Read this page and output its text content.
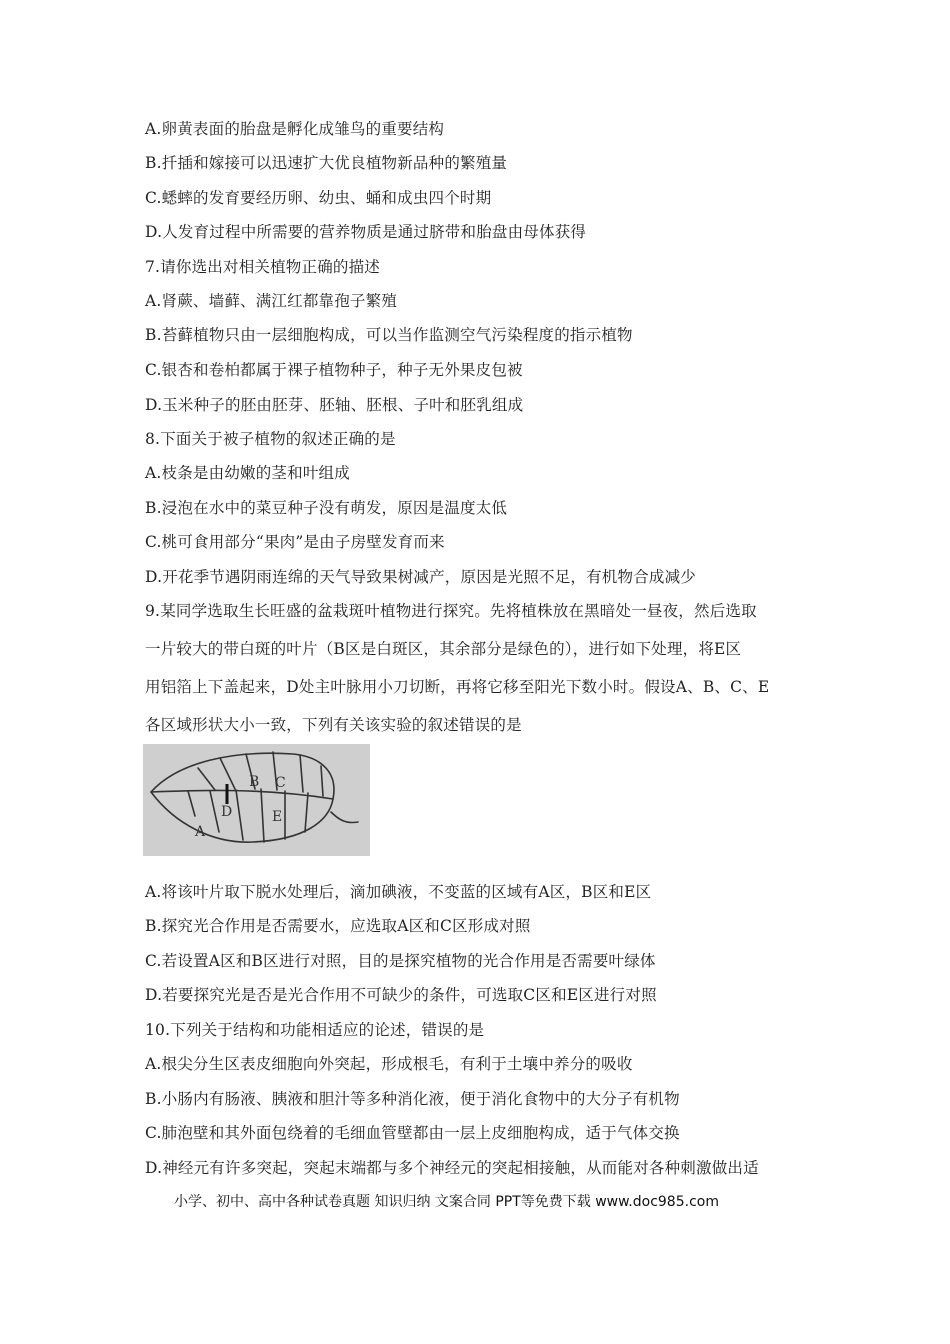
A.卵黄表面的胎盘是孵化成雏鸟的重要结构
B.扦插和嫁接可以迅速扩大优良植物新品种的繁殖量
C.蟋蟀的发育要经历卵、幼虫、蛹和成虫四个时期
D.人发育过程中所需要的营养物质是通过脐带和胎盘由母体获得
7.请你选出对相关植物正确的描述
A.肾蕨、墙藓、满江红都靠孢子繁殖
B.苔藓植物只由一层细胞构成，可以当作监测空气污染程度的指示植物
C.银杏和卷柏都属于裸子植物种子，种子无外果皮包被
D.玉米种子的胚由胚芽、胚轴、胚根、子叶和胚乳组成
8.下面关于被子植物的叙述正确的是
A.枝条是由幼嫩的茎和叶组成
B.浸泡在水中的菜豆种子没有萌发，原因是温度太低
C.桃可食用部分“果肉”是由子房壁发育而来
D.开花季节遇阴雨连绵的天气导致果树减产，原因是光照不足，有机物合成减少
9.某同学选取生长旺盛的盆栽斑叶植物进行探究。先将植株放在黑暗处一昼夜，然后选取
一片较大的带白斑的叶片（B区是白斑区，其余部分是绿色的），进行如下处理，将E区
用铝箔上下盖起来，D处主叶脉用小刀切断，再将它移至阳光下数小时。假设A、B、C、E
各区域形状大小一致，下列有关该实验的叙述错误的是
A
D
B C
E
A.将该叶片取下脱水处理后，滴加碘液，不变蓝的区域有A区，B区和E区
B.探究光合作用是否需要水，应选取A区和C区形成对照
C.若设置A区和B区进行对照，目的是探究植物的光合作用是否需要叶绿体
D.若要探究光是否是光合作用不可缺少的条件，可选取C区和E区进行对照
10.下列关于结构和功能相适应的论述，错误的是
A.根尖分生区表皮细胞向外突起，形成根毛，有利于土壤中养分的吸收
B.小肠内有肠液、胰液和胆汁等多种消化液，便于消化食物中的大分子有机物
C.肺泡壁和其外面包绕着的毛细血管壁都由一层上皮细胞构成，适于气体交换
D.神经元有许多突起，突起末端都与多个神经元的突起相接触，从而能对各种刺激做出适
小学、初中、高中各种试卷真题 知识归纳 文案合同 PPT等免费下载 www.doc985.com
